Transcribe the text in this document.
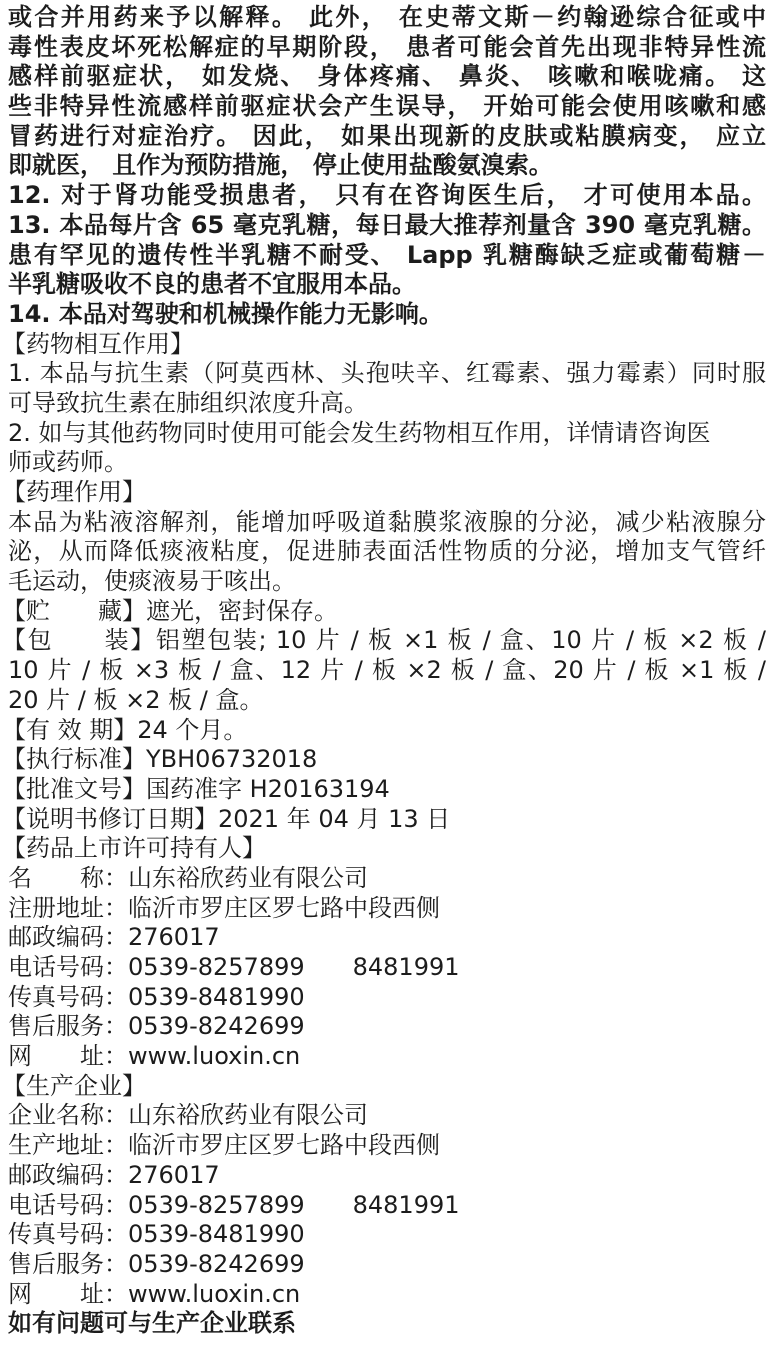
或合并用药来予以解释。 此外， 在史蒂文斯－约翰逊综合征或中
毒性表皮坏死松解症的早期阶段， 患者可能会首先出现非特异性流
感样前驱症状， 如发烧、 身体疼痛、 鼻炎、 咳嗽和喉咙痛。 这
些非特异性流感样前驱症状会产生误导， 开始可能会使用咳嗽和感
冒药进行对症治疗。 因此， 如果出现新的皮肤或粘膜病变， 应立
即就医， 且作为预防措施， 停止使用盐酸氨溴索。
12. 对于肾功能受损患者， 只有在咨询医生后， 才可使用本品。
13. 本品每片含 65 毫克乳糖，每日最大推荐剂量含 390 毫克乳糖。
患有罕见的遗传性半乳糖不耐受、 Lapp 乳糖酶缺乏症或葡萄糖－
半乳糖吸收不良的患者不宜服用本品。
14. 本品对驾驶和机械操作能力无影响。
【药物相互作用】
1. 本品与抗生素（阿莫西林、头孢呋辛、红霉素、强力霉素）同时服
可导致抗生素在肺组织浓度升高。
2. 如与其他药物同时使用可能会发生药物相互作用，详情请咨询医
师或药师。
【药理作用】
本品为粘液溶解剂，能增加呼吸道黏膜浆液腺的分泌，减少粘液腺分
泌，从而降低痰液粘度，促进肺表面活性物质的分泌，增加支气管纤
毛运动，使痰液易于咳出。
【贮　　藏】遮光，密封保存。
【包　　装】铝塑包装; 10 片 / 板 ×1 板 / 盒、10 片 / 板 ×2 板 /
10 片 / 板 ×3 板 / 盒、12 片 / 板 ×2 板 / 盒、20 片 / 板 ×1 板 /
20 片 / 板 ×2 板 / 盒。
【有 效 期】24 个月。
【执行标准】YBH06732018
【批准文号】国药准字 H20163194
【说明书修订日期】2021 年 04 月 13 日
【药品上市许可持有人】
名　　称：山东裕欣药业有限公司
注册地址：临沂市罗庄区罗七路中段西侧
邮政编码：276017
电话号码：0539-8257899　　8481991
传真号码：0539-8481990
售后服务：0539-8242699
网　　址：www.luoxin.cn
【生产企业】
企业名称：山东裕欣药业有限公司
生产地址：临沂市罗庄区罗七路中段西侧
邮政编码：276017
电话号码：0539-8257899　　8481991
传真号码：0539-8481990
售后服务：0539-8242699
网　　址：www.luoxin.cn
如有问题可与生产企业联系
